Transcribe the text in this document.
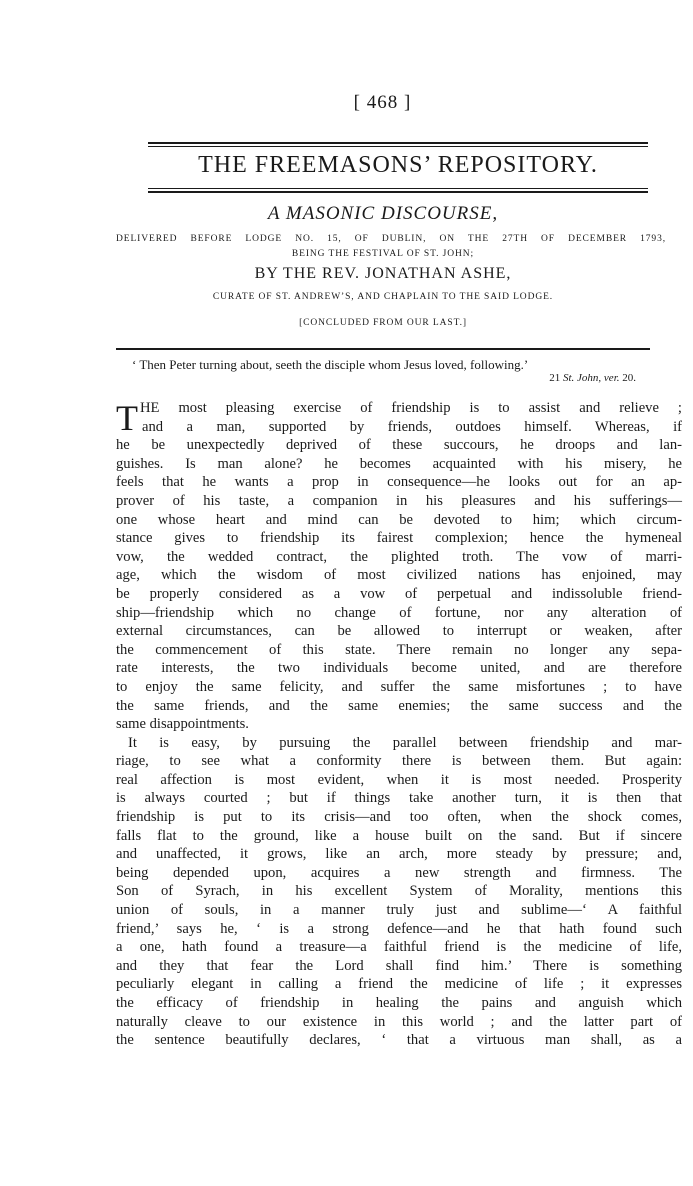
[ 468 ]
THE FREEMASONS’ REPOSITORY.
A MASONIC DISCOURSE,
DELIVERED BEFORE LODGE NO. 15, OF DUBLIN, ON THE 27TH OF DECEMBER 1793,
BEING THE FESTIVAL OF ST. JOHN;
BY THE REV. JONATHAN ASHE,
CURATE OF ST. ANDREW’S, AND CHAPLAIN TO THE SAID LODGE.
[CONCLUDED FROM OUR LAST.]
‘ Then Peter turning about, seeth the disciple whom Jesus loved, following.’
21 St. John, ver. 20.
T HE most pleasing exercise of friendship is to assist and relieve ;
and a man, supported by friends, outdoes himself. Whereas, if
he be unexpectedly deprived of these succours, he droops and lan-
guishes. Is man alone? he becomes acquainted with his misery, he
feels that he wants a prop in consequence—he looks out for an ap-
prover of his taste, a companion in his pleasures and his sufferings—
one whose heart and mind can be devoted to him; which circum-
stance gives to friendship its fairest complexion; hence the hymeneal
vow, the wedded contract, the plighted troth. The vow of marri-
age, which the wisdom of most civilized nations has enjoined, may
be properly considered as a vow of perpetual and indissoluble friend-
ship—friendship which no change of fortune, nor any alteration of
external circumstances, can be allowed to interrupt or weaken, after
the commencement of this state. There remain no longer any sepa-
rate interests, the two individuals become united, and are therefore
to enjoy the same felicity, and suffer the same misfortunes ; to have
the same friends, and the same enemies; the same success and the
same disappointments.
It is easy, by pursuing the parallel between friendship and mar-
riage, to see what a conformity there is between them. But again:
real affection is most evident, when it is most needed. Prosperity
is always courted ; but if things take another turn, it is then that
friendship is put to its crisis—and too often, when the shock comes,
falls flat to the ground, like a house built on the sand. But if sincere
and unaffected, it grows, like an arch, more steady by pressure; and,
being depended upon, acquires a new strength and firmness. The
Son of Syrach, in his excellent System of Morality, mentions this
union of souls, in a manner truly just and sublime—‘ A faithful
friend,’ says he, ‘ is a strong defence—and he that hath found such
a one, hath found a treasure—a faithful friend is the medicine of life,
and they that fear the Lord shall find him.’ There is something
peculiarly elegant in calling a friend the medicine of life ; it expresses
the efficacy of friendship in healing the pains and anguish which
naturally cleave to our existence in this world ; and the latter part of
the sentence beautifully declares, ‘ that a virtuous man shall, as a
